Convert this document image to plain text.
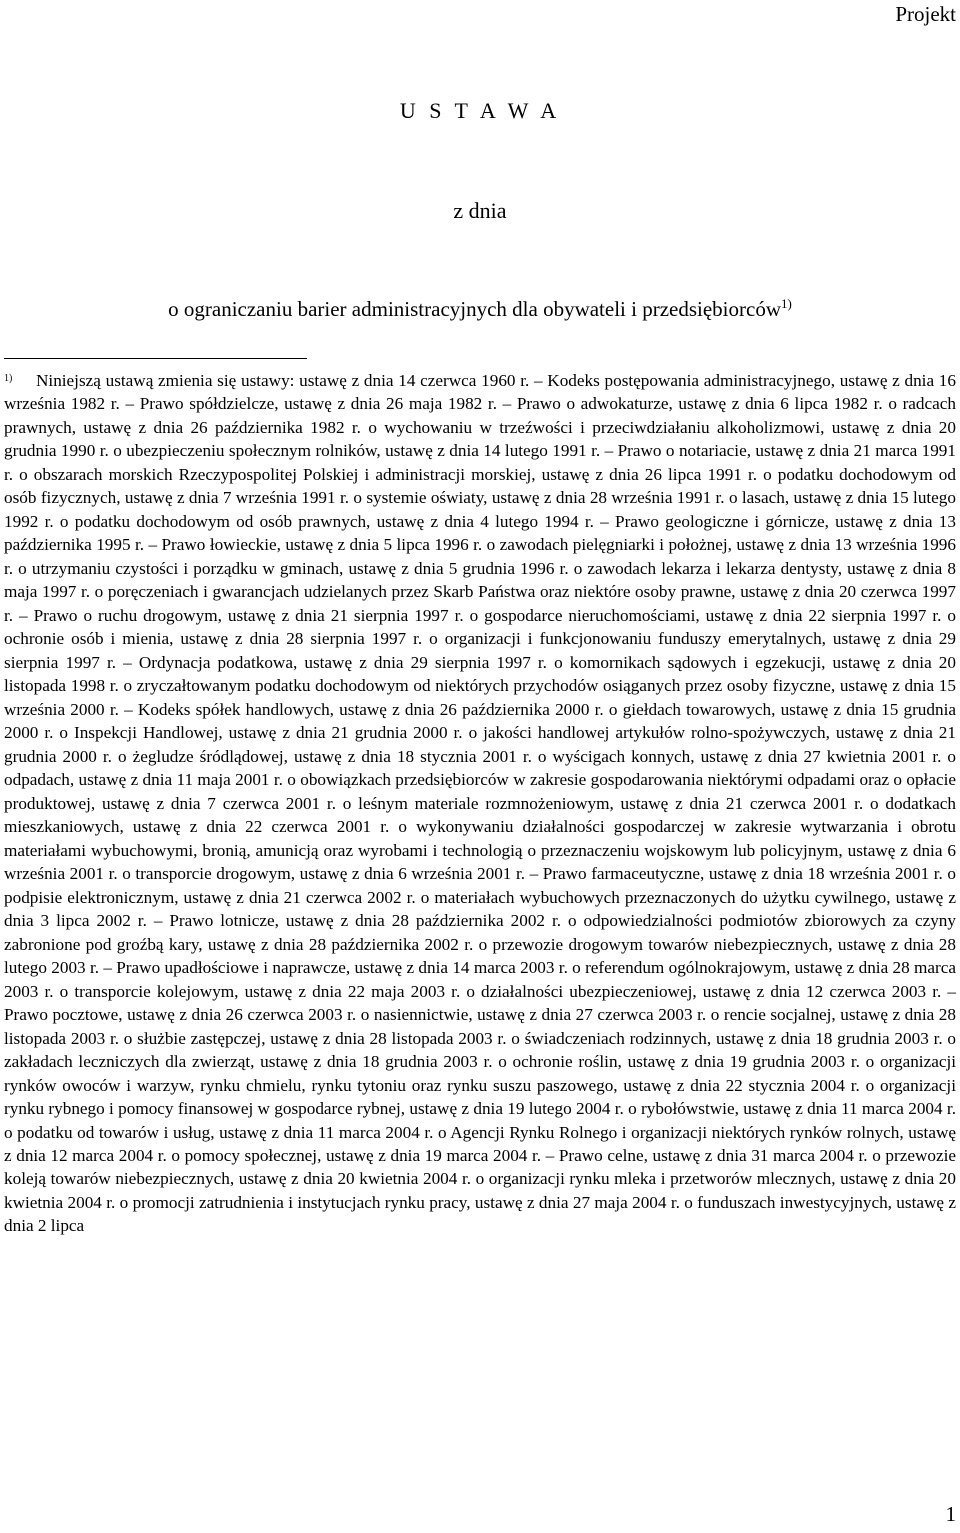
Projekt
U S T A W A
z dnia
o ograniczaniu barier administracyjnych dla obywateli i przedsiębiorców$^{1)}$

$^{1)}$ Niniejszą ustawą zmienia się ustawy: ustawę z dnia 14 czerwca 1960 r. – Kodeks postępowania administracyjnego, ustawę z dnia 16 września 1982 r. – Prawo spółdzielcze, ustawę z dnia 26 maja 1982 r. – Prawo o adwokaturze, ustawę z dnia 6 lipca 1982 r. o radcach prawnych, ustawę z dnia 26 października 1982 r. o wychowaniu w trzeźwości i przeciwdziałaniu alkoholizmowi, ustawę z dnia 20 grudnia 1990 r. o ubezpieczeniu społecznym rolników, ustawę z dnia 14 lutego 1991 r. – Prawo o notariacie, ustawę z dnia 21 marca 1991 r. o obszarach morskich Rzeczypospolitej Polskiej i administracji morskiej, ustawę z dnia 26 lipca 1991 r. o podatku dochodowym od osób fizycznych, ustawę z dnia 7 września 1991 r. o systemie oświaty, ustawę z dnia 28 września 1991 r. o lasach, ustawę z dnia 15 lutego 1992 r. o podatku dochodowym od osób prawnych, ustawę z dnia 4 lutego 1994 r. – Prawo geologiczne i górnicze, ustawę z dnia 13 października 1995 r. – Prawo łowieckie, ustawę z dnia 5 lipca 1996 r. o zawodach pielęgniarki i położnej, ustawę z dnia 13 września 1996 r. o utrzymaniu czystości i porządku w gminach, ustawę z dnia 5 grudnia 1996 r. o zawodach lekarza i lekarza dentysty, ustawę z dnia 8 maja 1997 r. o poręczeniach i gwarancjach udzielanych przez Skarb Państwa oraz niektóre osoby prawne, ustawę z dnia 20 czerwca 1997 r. – Prawo o ruchu drogowym, ustawę z dnia 21 sierpnia 1997 r. o gospodarce nieruchomościami, ustawę z dnia 22 sierpnia 1997 r. o ochronie osób i mienia, ustawę z dnia 28 sierpnia 1997 r. o organizacji i funkcjonowaniu funduszy emerytalnych, ustawę z dnia 29 sierpnia 1997 r. – Ordynacja podatkowa, ustawę z dnia 29 sierpnia 1997 r. o komornikach sądowych i egzekucji, ustawę z dnia 20 listopada 1998 r. o zryczałtowanym podatku dochodowym od niektórych przychodów osiąganych przez osoby fizyczne, ustawę z dnia 15 września 2000 r. – Kodeks spółek handlowych, ustawę z dnia 26 października 2000 r. o giełdach towarowych, ustawę z dnia 15 grudnia 2000 r. o Inspekcji Handlowej, ustawę z dnia 21 grudnia 2000 r. o jakości handlowej artykułów rolno-spożywczych, ustawę z dnia 21 grudnia 2000 r. o żegludze śródlądowej, ustawę z dnia 18 stycznia 2001 r. o wyścigach konnych, ustawę z dnia 27 kwietnia 2001 r. o odpadach, ustawę z dnia 11 maja 2001 r. o obowiązkach przedsiębiorców w zakresie gospodarowania niektórymi odpadami oraz o opłacie produktowej, ustawę z dnia 7 czerwca 2001 r. o leśnym materiale rozmnożeniowym, ustawę z dnia 21 czerwca 2001 r. o dodatkach mieszkaniowych, ustawę z dnia 22 czerwca 2001 r. o wykonywaniu działalności gospodarczej w zakresie wytwarzania i obrotu materiałami wybuchowymi, bronią, amunicją oraz wyrobami i technologią o przeznaczeniu wojskowym lub policyjnym, ustawę z dnia 6 września 2001 r. o transporcie drogowym, ustawę z dnia 6 września 2001 r. – Prawo farmaceutyczne, ustawę z dnia 18 września 2001 r. o podpisie elektronicznym, ustawę z dnia 21 czerwca 2002 r. o materiałach wybuchowych przeznaczonych do użytku cywilnego, ustawę z dnia 3 lipca 2002 r. – Prawo lotnicze, ustawę z dnia 28 października 2002 r. o odpowiedzialności podmiotów zbiorowych za czyny zabronione pod groźbą kary, ustawę z dnia 28 października 2002 r. o przewozie drogowym towarów niebezpiecznych, ustawę z dnia 28 lutego 2003 r. – Prawo upadłościowe i naprawcze, ustawę z dnia 14 marca 2003 r. o referendum ogólnokrajowym, ustawę z dnia 28 marca 2003 r. o transporcie kolejowym, ustawę z dnia 22 maja 2003 r. o działalności ubezpieczeniowej, ustawę z dnia 12 czerwca 2003 r. – Prawo pocztowe, ustawę z dnia 26 czerwca 2003 r. o nasiennictwie, ustawę z dnia 27 czerwca 2003 r. o rencie socjalnej, ustawę z dnia 28 listopada 2003 r. o służbie zastępczej, ustawę z dnia 28 listopada 2003 r. o świadczeniach rodzinnych, ustawę z dnia 18 grudnia 2003 r. o zakładach leczniczych dla zwierząt, ustawę z dnia 18 grudnia 2003 r. o ochronie roślin, ustawę z dnia 19 grudnia 2003 r. o organizacji rynków owoców i warzyw, rynku chmielu, rynku tytoniu oraz rynku suszu paszowego, ustawę z dnia 22 stycznia 2004 r. o organizacji rynku rybnego i pomocy finansowej w gospodarce rybnej, ustawę z dnia 19 lutego 2004 r. o rybołówstwie, ustawę z dnia 11 marca 2004 r. o podatku od towarów i usług, ustawę z dnia 11 marca 2004 r. o Agencji Rynku Rolnego i organizacji niektórych rynków rolnych, ustawę z dnia 12 marca 2004 r. o pomocy społecznej, ustawę z dnia 19 marca 2004 r. – Prawo celne, ustawę z dnia 31 marca 2004 r. o przewozie koleją towarów niebezpiecznych, ustawę z dnia 20 kwietnia 2004 r. o organizacji rynku mleka i przetworów mlecznych, ustawę z dnia 20 kwietnia 2004 r. o promocji zatrudnienia i instytucjach rynku pracy, ustawę z dnia 27 maja 2004 r. o funduszach inwestycyjnych, ustawę z dnia 2 lipca

1
